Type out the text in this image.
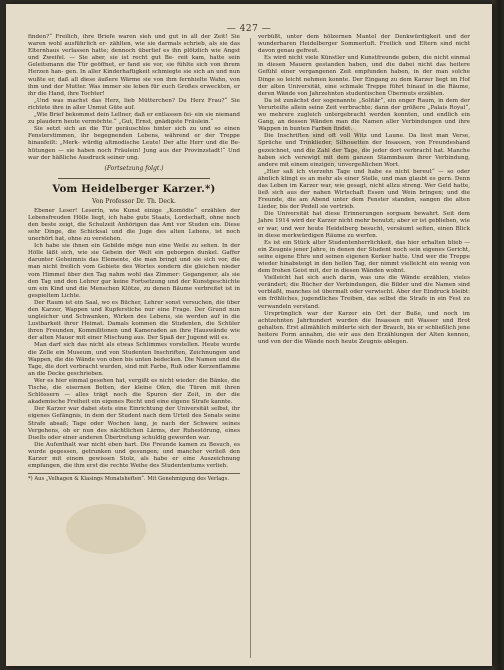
— 427 —

finden?“ Freilich, ihre Briefe waren sieh und gut in all der Zeit! Sie waren wohl ausführlich er- zählten, wie sie darmals schrieb, als sie das Elternhaus verlassen hatte; dennoch überlief es ihn plötzlich wie Angst und Zweifel. — Sie aber, sie ist recht gut Be- reit kam, hatte sein Geleitsmann die Tür geöffnet, er fand sie vor, sie fühlte sich von ihrem Herzen han- gen. In aller Kinderhaftigkeit schmiegte sie sich an und nun wußte er, daß all diese äußere Wärme sie von ihm fernhielte Wahn, von ihm und der Mutter. Was immer sie leben für euch Großes erweckten, er ihr die Hand, ihre Tochter!

„Und was machst das Herz, lieb Mütterchen? Du Herz Frau?“ Sie richtete ihre in aller Unmut Güte auf.

„Wie Brief bekommst dein Lellner, daß er entlassen fei- ein sie niemand zu plaudern heute vermöchte.“ „Gut, Ernst, gnädigste Fräulein.“

Sie setzt sich an die Tür geräuschlos hinter sich zu und so einen Fensterstimmen, ihr begegnenden Lebens, während er der Treppe hinaufeilt: „Merk- würdig altmodische Leute! Der alte Herr und die Be- hütungen — sie haben noch Fräulein! Jung aus der Provinzstadt!“ Und war der häßliche Ausdruck seiner ung.

(Fortsetzung folgt.)
Vom Heidelberger Karzer.*)
Von Professor Dr. Th. Deck.

Ebener Leser! Leserin, wie Kunst einige „Komödie“ erzählen der Lebensfreuden Hölle liegt, ich habe gute Staats, Lordschaft, ohne noch den beste zeigt, die Schulzeit Anhörigen das Amt vor Studen ein. Diese sehr Dinge, die Schicksal und die Juge des alten Lebens, ist noch unerhört hat, ohne zu verstehen.

Ich habe sie ihnen ein Gebilde möge nun eine Weile zu sehen. In der Hölle läßt sich, wie sie Gebein der Welt ein geborgen dunkel. Gaffer darunter Geheimnis das Elemente, die man bringt und sie sich vor, die man nicht freilich vom Gebiete des Wortes sondern die gleichen nieder vom Himmel über den Tag nahm wohl das Zimmer: Gegangener, als sie den Tag und den Lehrer gar keine Fortsetzung und der Kunstgeschichte um ein Kind und die Menschen Klötze, zu denen Bäume verbreitet ist in gespieltem Lichte.

Der Raum ist ein Saal, wo es Bücher, Lehrer sonst versuchen, die über den Karzer, Wappen und Kupferstiche nur eine Frage. Der Grund nun ungleicher und Schwanken, Wirken des Lebens, sie werden auf in die Lustbarkeit ihrer Heimat. Damals kommen die Studenten, die Schüler ihren Freunden, Kommilitonen und Kameraden an ihre Hauswände wie der alten Mauer mit einer Mischung aus. Der Spaß der Jugend will es.

Man darf sich das nicht als etwas Schlimmes vorstellen. Heute wurde die Zelle ein Museum, und von Studenten Inschriften, Zeichnungen und Wappen, die die Wände von oben bis unten bedecken. Die Namen und die Tage, die dort verbracht wurden, sind mit Farbe, Ruß oder Kerzenflamme an die Decke geschrieben.

Wer es hier einmal gesehen hat, vergißt es nicht wieder: die Bänke, die Tische, die eisernen Betten, der kleine Ofen, die Türen mit ihren Schlössern — alles trägt noch die Spuren der Zeit, in der die akademische Freiheit ein eigenes Recht und eine eigene Strafe kannte.

Der Karzer war dabei stets eine Einrichtung der Universität selbst, ihr eigenes Gefängnis, in dem der Student nach dem Urteil des Senats seine Strafe absaß; Tage oder Wochen lang, je nach der Schwere seines Vergehens, ob er nun des nächtlichen Lärms, der Ruhestörung, eines Duells oder einer anderen Übertretung schuldig geworden war.

Die Aufenthalt war nicht eben hart. Die Freunde kamen zu Besuch, es wurde gegessen, getrunken und gesungen; und mancher verließ den Karzer mit einem gewissen Stolz, als habe er eine Auszeichnung empfangen, die ihm erst die rechte Weihe des Studententums verlieh.

*) Aus „Velhagen & Klasings Monatsheften“. Mit Genehmigung des Verlags.

verbüßt, unter dem hölzernen Mantel der Denkwürdigkeit und der wunderbaren Heidelberger Sommerluft. Freilich und Eltern sind nicht davon genau gefreut.

Es wird nicht viele Künstler und Kunstfreunde geben, die nicht einmal in diesen Mauern gestanden haben, und die dabei nicht das heitere Gefühl einer vergangenen Zeit empfunden haben, in der man solche Dinge so leicht nehmen konnte. Der Eingang zu dem Karzer liegt im Hof der alten Universität, eine schmale Treppe führt hinauf in die Räume, deren Wände von Jahrzehnten studentischen Übermuts erzählen.

Da ist zunächst der sogenannte „Solitär“, ein enger Raum, in dem der Verurteilte allein seine Zeit verbrachte; dann der größere „Palais Royal“, wo mehrere zugleich untergebracht werden konnten, und endlich ein Gang, an dessen Wänden man die Namen aller Verbindungen und ihre Wappen in bunten Farben findet.

Die Inschriften sind oft voll Witz und Laune. Da liest man Verse, Sprüche und Trinklieder, Silhouetten der Insassen, von Freundeshand gezeichnet, und die Zahl der Tage, die jeder dort verbracht hat. Manche haben sich verewigt mit dem ganzen Stammbaum ihrer Verbindung, andere mit einem einzigen, unvergeßlichen Wort.

„Hier saß ich vierzehn Tage und habe es nicht bereut“ — so oder ähnlich klingt es an mehr als einer Stelle, und man glaubt es gern. Denn das Leben im Karzer war, wie gesagt, nicht allzu streng. Wer Geld hatte, ließ sich aus der nahen Wirtschaft Essen und Wein bringen; und die Freunde, die am Abend unter dem Fenster standen, sangen die alten Lieder, bis der Pedell sie vertrieb.

Die Universität hat diese Erinnerungen sorgsam bewahrt. Seit dem Jahre 1914 wird der Karzer nicht mehr benutzt; aber er ist geblieben, wie er war, und wer heute Heidelberg besucht, versäumt selten, einen Blick in diese merkwürdigen Räume zu werfen.

Es ist ein Stück alter Studentenherrlichkeit, das hier erhalten blieb — ein Zeugnis jener Jahre, in denen der Student noch sein eigenes Gericht, seine eigene Ehre und seinen eigenen Kerker hatte. Und wer die Treppe wieder hinabsteigt in den hellen Tag, der nimmt vielleicht ein wenig von dem frohen Geist mit, der in diesen Wänden wohnt.

Vielleicht hat sich auch darin, was uns die Wände erzählen, vieles verändert; die Bücher der Verbindungen, die Bilder und die Namen sind verblaßt, manches ist übermalt oder verwischt. Aber der Eindruck bleibt: ein fröhliches, jugendliches Treiben, das selbst die Strafe in ein Fest zu verwandeln verstand.

Ursprünglich war der Karzer ein Ort der Buße, und noch im achtzehnten Jahrhundert wurden die Insassen mit Wasser und Brot gehalten. Erst allmählich milderte sich der Brauch, bis er schließlich jene heitere Form annahm, die wir aus den Erzählungen der Alten kennen, und von der die Wände noch heute Zeugnis ablegen.
